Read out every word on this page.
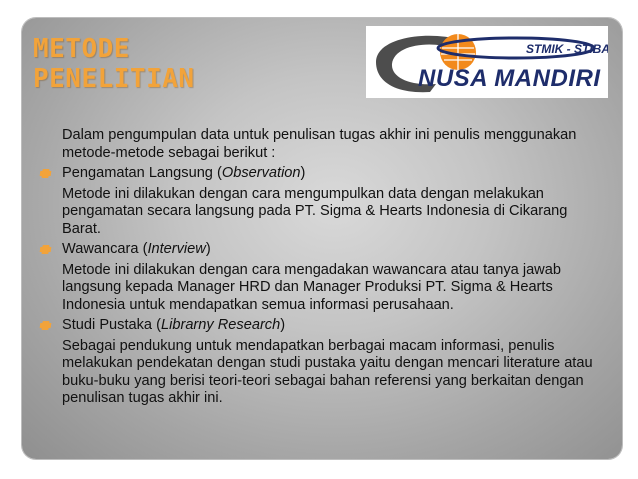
METODE
PENELITIAN
STMIK - STIBA
NUSA MANDIRI

Dalam pengumpulan data untuk penulisan tugas akhir ini penulis menggunakan metode-metode sebagai berikut :

Pengamatan Langsung (Observation)

Metode ini dilakukan dengan cara mengumpulkan data dengan melakukan pengamatan secara langsung pada PT. Sigma & Hearts Indonesia di Cikarang Barat.

Wawancara (Interview)

Metode ini dilakukan dengan cara mengadakan wawancara atau tanya jawab langsung kepada Manager HRD dan Manager Produksi PT. Sigma & Hearts Indonesia untuk mendapatkan semua informasi perusahaan.

Studi Pustaka (Librarny Research)

Sebagai pendukung untuk mendapatkan berbagai macam informasi, penulis melakukan pendekatan dengan studi pustaka yaitu dengan mencari literature atau buku-buku yang berisi teori-teori sebagai bahan referensi yang berkaitan dengan penulisan tugas akhir ini.
